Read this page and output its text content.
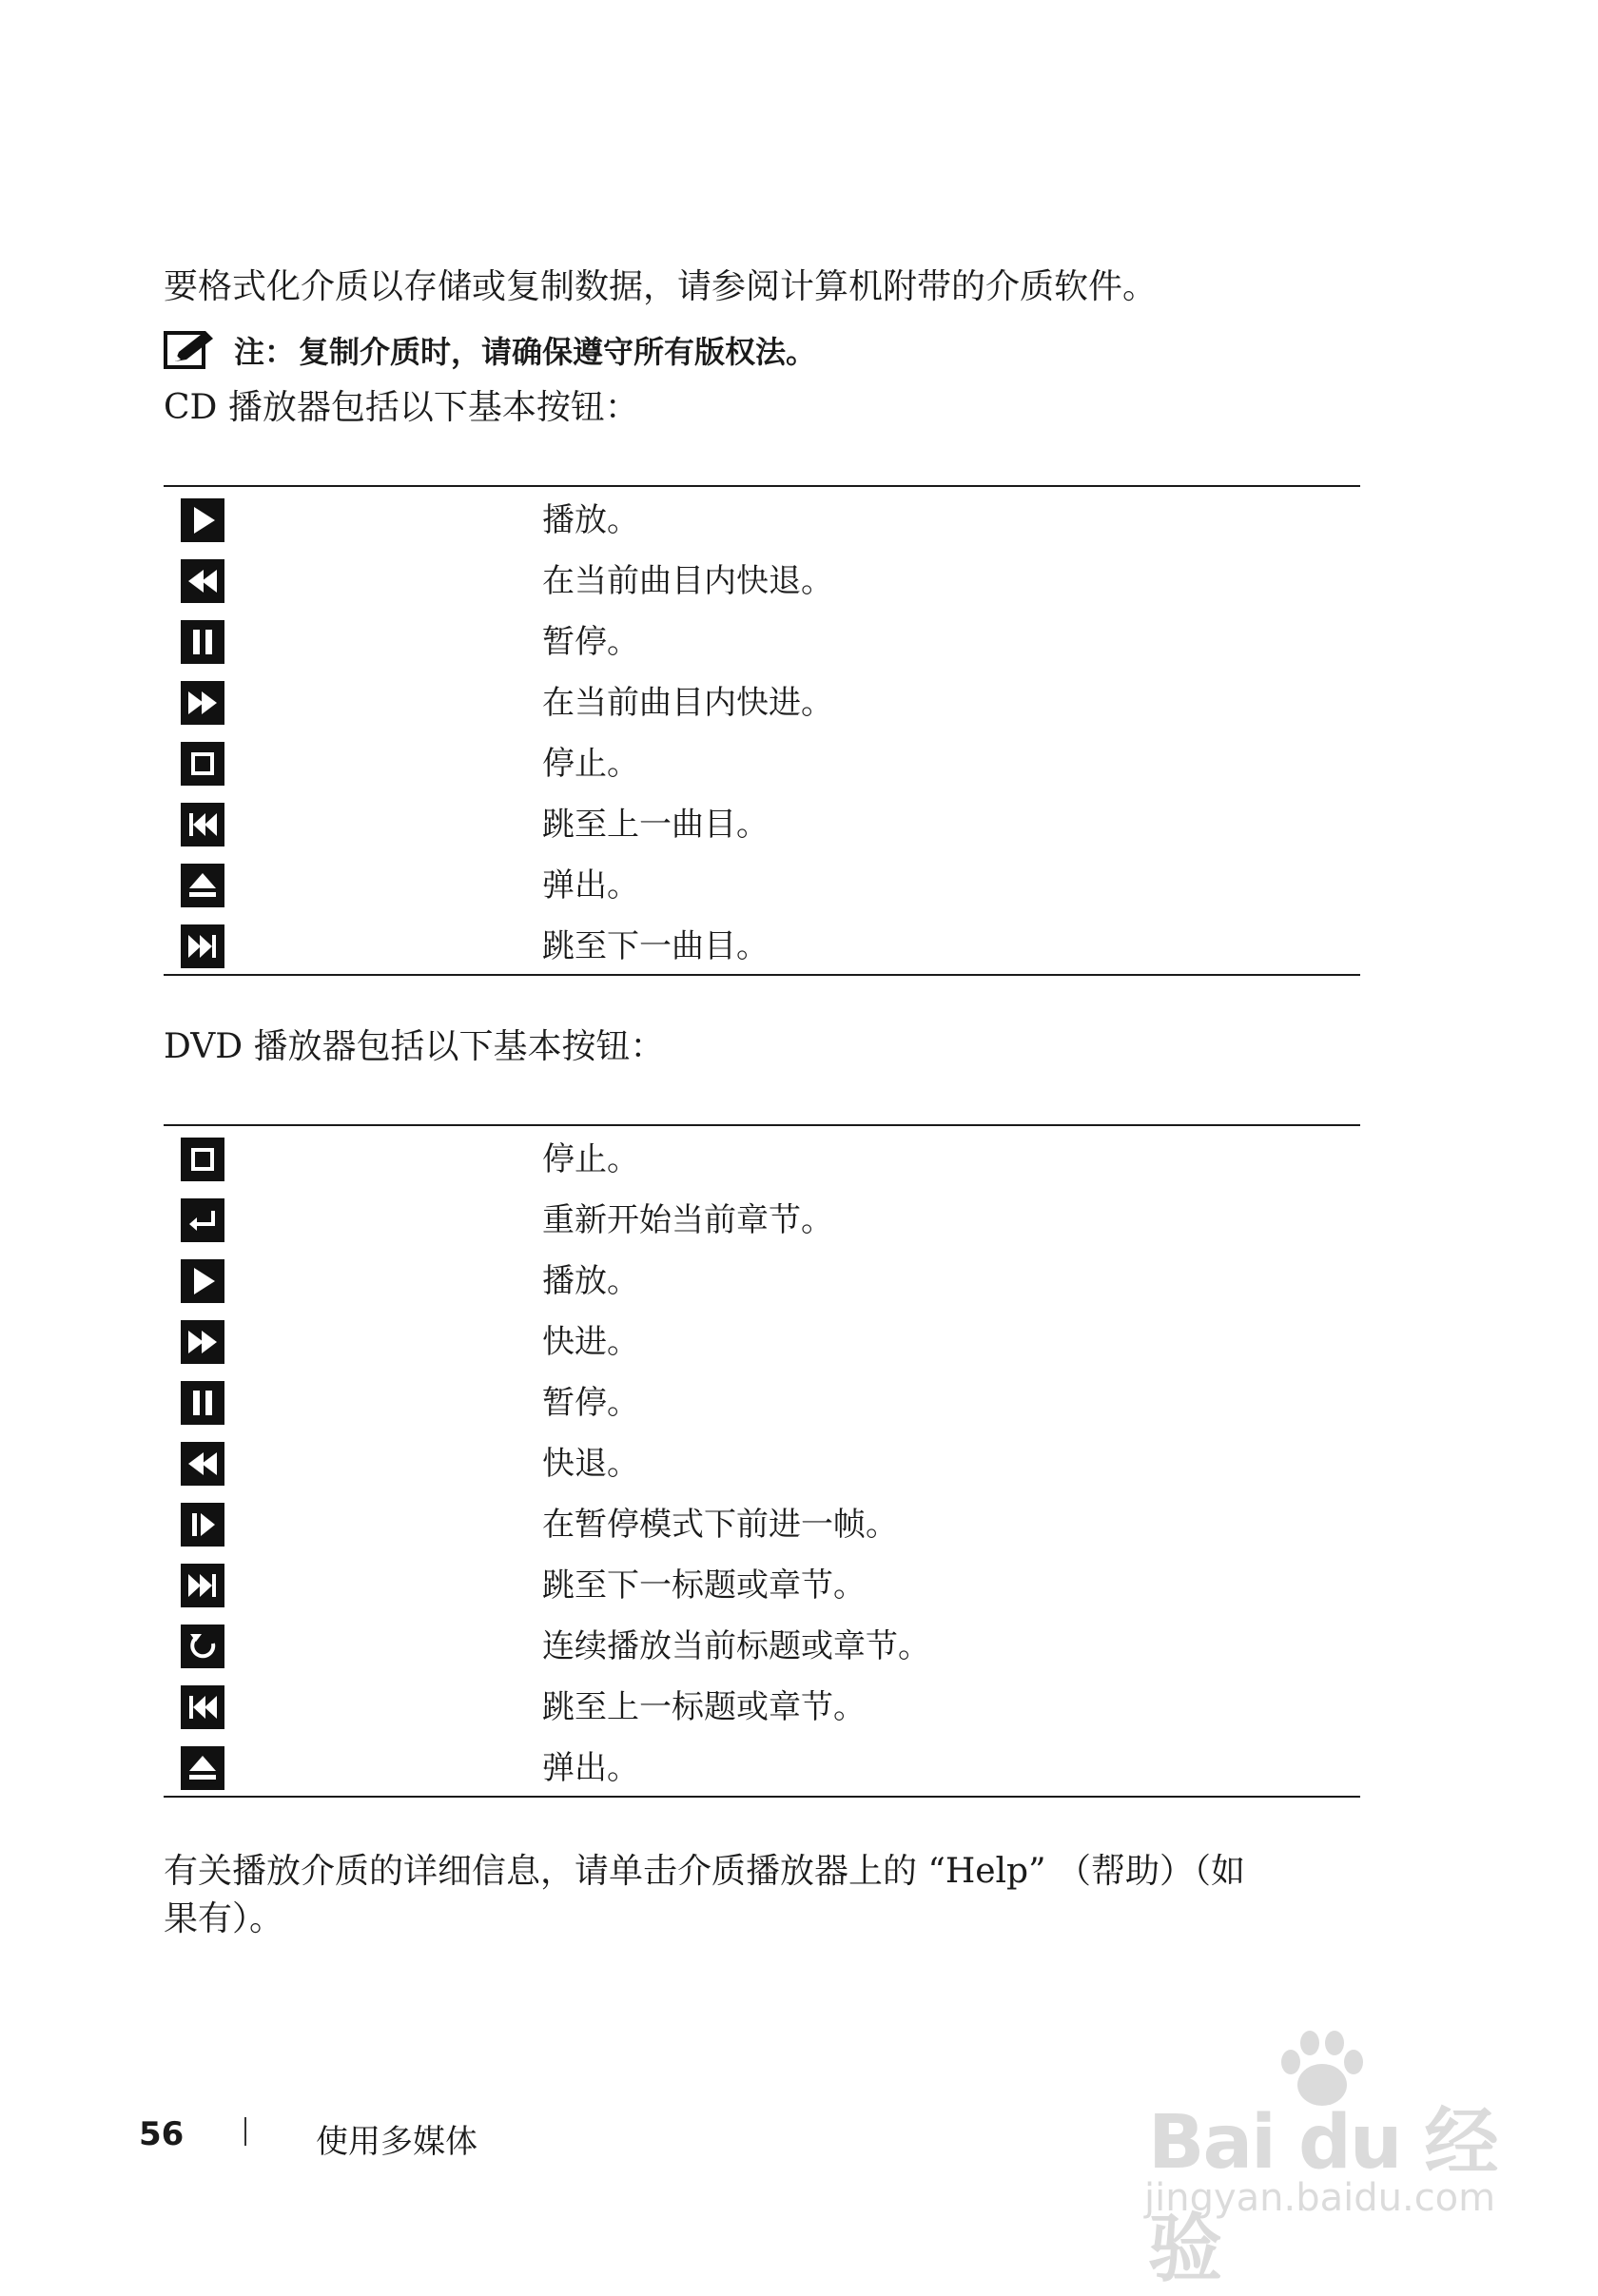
要格式化介质以存储或复制数据，请参阅计算机附带的介质软件。
注： 复制介质时，请确保遵守所有版权法。
CD 播放器包括以下基本按钮：
播放。
在当前曲目内快退。
暂停。
在当前曲目内快进。
停止。
跳至上一曲目。
弹出。
跳至下一曲目。
DVD 播放器包括以下基本按钮：
停止。
重新开始当前章节。
播放。
快进。
暂停。
快退。
在暂停模式下前进一帧。
跳至下一标题或章节。
连续播放当前标题或章节。
跳至上一标题或章节。
弹出。
有关播放介质的详细信息，请单击介质播放器上的 “Help” （帮助）（如
果有）。
56	使用多媒体	Bai du 经验
jingyan.baidu.com
